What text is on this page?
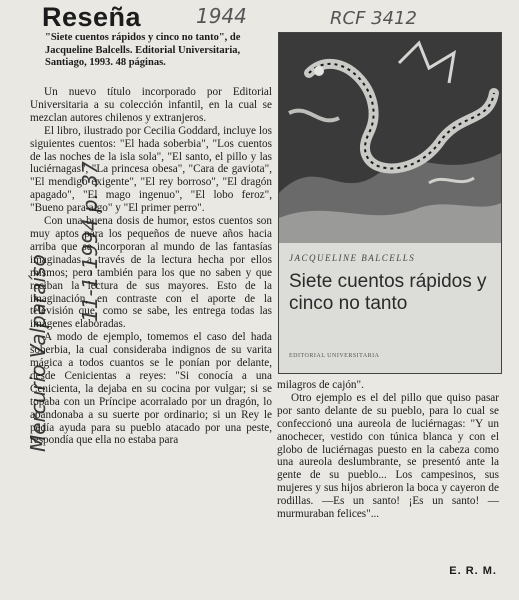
Reseña
"Siete cuentos rápidos y cinco no tanto", de Jacqueline Balcells. Editorial Universitaria, Santiago, 1993. 48 páginas.
1944	RCF 3412
Mercurio Valparaíso
11-1-1994 p. 37

Un nuevo título incorporado por Editorial Universitaria a su colección infantil, en la cual se mezclan autores chilenos y extranjeros.

El libro, ilustrado por Cecilia Goddard, incluye los siguientes cuentos: "El hada soberbia", "Los cuentos de las noches de la isla sola", "El santo, el pillo y las luciérnagas", "La princesa obesa", "Cara de gaviota", "El mendigo exigente", "El rey borroso", "El dragón apagado", "El mago ingenuo", "El lobo feroz", "Bueno para algo" y "El primer perro".

Con una buena dosis de humor, estos cuentos son muy aptos para los pequeños de nueve años hacia arriba que se incorporan al mundo de las fantasías imaginadas a través de la lectura hecha por ellos mismos; pero también para los que no saben y que reciban la lectura de sus mayores. Esto de la imaginación, en contraste con el aporte de la televisión que, como se sabe, les entrega todas las imágenes elaboradas.

A modo de ejemplo, tomemos el caso del hada soberbia, la cual consideraba indignos de su varita mágica a todos cuantos se le ponían por delante, desde Cenicientas a reyes: "Si conocía a una Cenicienta, la dejaba en su cocina por vulgar; si se topaba con un Príncipe acorralado por un dragón, lo abandonaba a su suerte por ordinario; si un Rey le pedía ayuda para su pueblo atacado por una peste, respondía que ella no estaba para

JACQUELINE BALCELLS
Siete cuentos rápidos y cinco no tanto
EDITORIAL UNIVERSITARIA

milagros de cajón".

Otro ejemplo es el del pillo que quiso pasar por santo delante de su pueblo, para lo cual se confeccionó una aureola de luciérnagas: "Y un anochecer, vestido con túnica blanca y con el globo de luciérnagas puesto en la cabeza como una aureola deslumbrante, se presentó ante la gente de su pueblo... Los campesinos, sus mujeres y sus hijos abrieron la boca y cayeron de rodillas. —Es un santo! ¡Es un santo! —murmuraban felices"...

E. R. M.
